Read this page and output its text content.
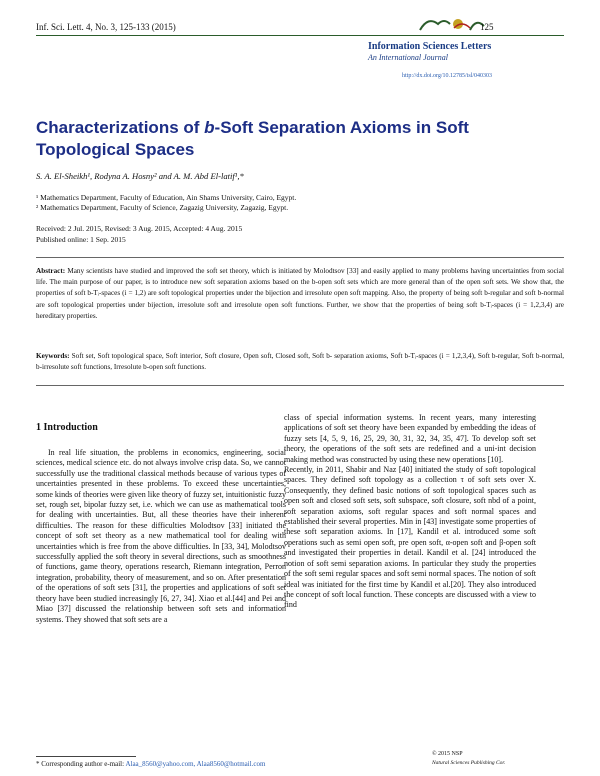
Inf. Sci. Lett. 4, No. 3, 125-133 (2015)	125
Information Sciences Letters
An International Journal
http://dx.doi.org/10.12785/isl/040303
Characterizations of b-Soft Separation Axioms in Soft Topological Spaces
S. A. El-Sheikh¹, Rodyna A. Hosny² and A. M. Abd El-latif¹,*
¹ Mathematics Department, Faculty of Education, Ain Shams University, Cairo, Egypt.
² Mathematics Department, Faculty of Science, Zagazig University, Zagazig, Egypt.
Received: 2 Jul. 2015, Revised: 3 Aug. 2015, Accepted: 4 Aug. 2015
Published online: 1 Sep. 2015
Abstract: Many scientists have studied and improved the soft set theory, which is initiated by Molodtsov [33] and easily applied to many problems having uncertainties from social life. The main purpose of our paper, is to introduce new soft separation axioms based on the b-open soft sets which are more general than of the open soft sets. We show that, the properties of soft b-Tᵢ-spaces (i = 1,2) are soft topological properties under the bijection and irresolute open soft mapping. Also, the property of being soft b-regular and soft b-normal are soft topological properties under bijection, irresolute soft and irresolute open soft functions. Further, we show that the properties of being soft b-Tᵢ-spaces (i = 1,2,3,4) are hereditary properties.
Keywords: Soft set, Soft topological space, Soft interior, Soft closure, Open soft, Closed soft, Soft b- separation axioms, Soft b-Tᵢ-spaces (i = 1,2,3,4), Soft b-regular, Soft b-normal, b-irresolute soft functions, Irresolute b-open soft functions.
1 Introduction
In real life situation, the problems in economics, engineering, social sciences, medical science etc. do not always involve crisp data. So, we cannot successfully use the traditional classical methods because of various types of uncertainties presented in these problems. To exceed these uncertainties, some kinds of theories were given like theory of fuzzy set, intuitionistic fuzzy set, rough set, bipolar fuzzy set, i.e. which we can use as mathematical tools for dealing with uncertainties. But, all these theories have their inherent difficulties. The reason for these difficulties Molodtsov [33] initiated the concept of soft set theory as a new mathematical tool for dealing with uncertainties which is free from the above difficulties. In [33, 34], Molodtsov successfully applied the soft theory in several directions, such as smoothness of functions, game theory, operations research, Riemann integration, Perron integration, probability, theory of measurement, and so on. After presentation of the operations of soft sets [31], the properties and applications of soft set theory have been studied increasingly [6, 27, 34]. Xiao et al.[44] and Pei and Miao [37] discussed the relationship between soft sets and information systems. They showed that soft sets are a

class of special information systems. In recent years, many interesting applications of soft set theory have been expanded by embedding the ideas of fuzzy sets [4, 5, 9, 16, 25, 29, 30, 31, 32, 34, 35, 47]. To develop soft set theory, the operations of the soft sets are redefined and a uni-int decision making method was constructed by using these new operations [10].

Recently, in 2011, Shabir and Naz [40] initiated the study of soft topological spaces. They defined soft topology as a collection τ of soft sets over X. Consequently, they defined basic notions of soft topological spaces such as open soft and closed soft sets, soft subspace, soft closure, soft nbd of a point, soft separation axioms, soft regular spaces and soft normal spaces and established their several properties. Min in [43] investigate some properties of these soft separation axioms. In [17], Kandil et al. introduced some soft operations such as semi open soft, pre open soft, α-open soft and β-open soft and investigated their properties in detail. Kandil et al. [24] introduced the notion of soft semi separation axioms. In particular they study the properties of the soft semi regular spaces and soft semi normal spaces. The notion of soft ideal was initiated for the first time by Kandil et al.[20]. They also introduced the concept of soft local function. These concepts are discussed with a view to find

* Corresponding author e-mail: Alaa_8560@yahoo.com, Alaa8560@hotmail.com
© 2015 NSP
Natural Sciences Publishing Cor.
